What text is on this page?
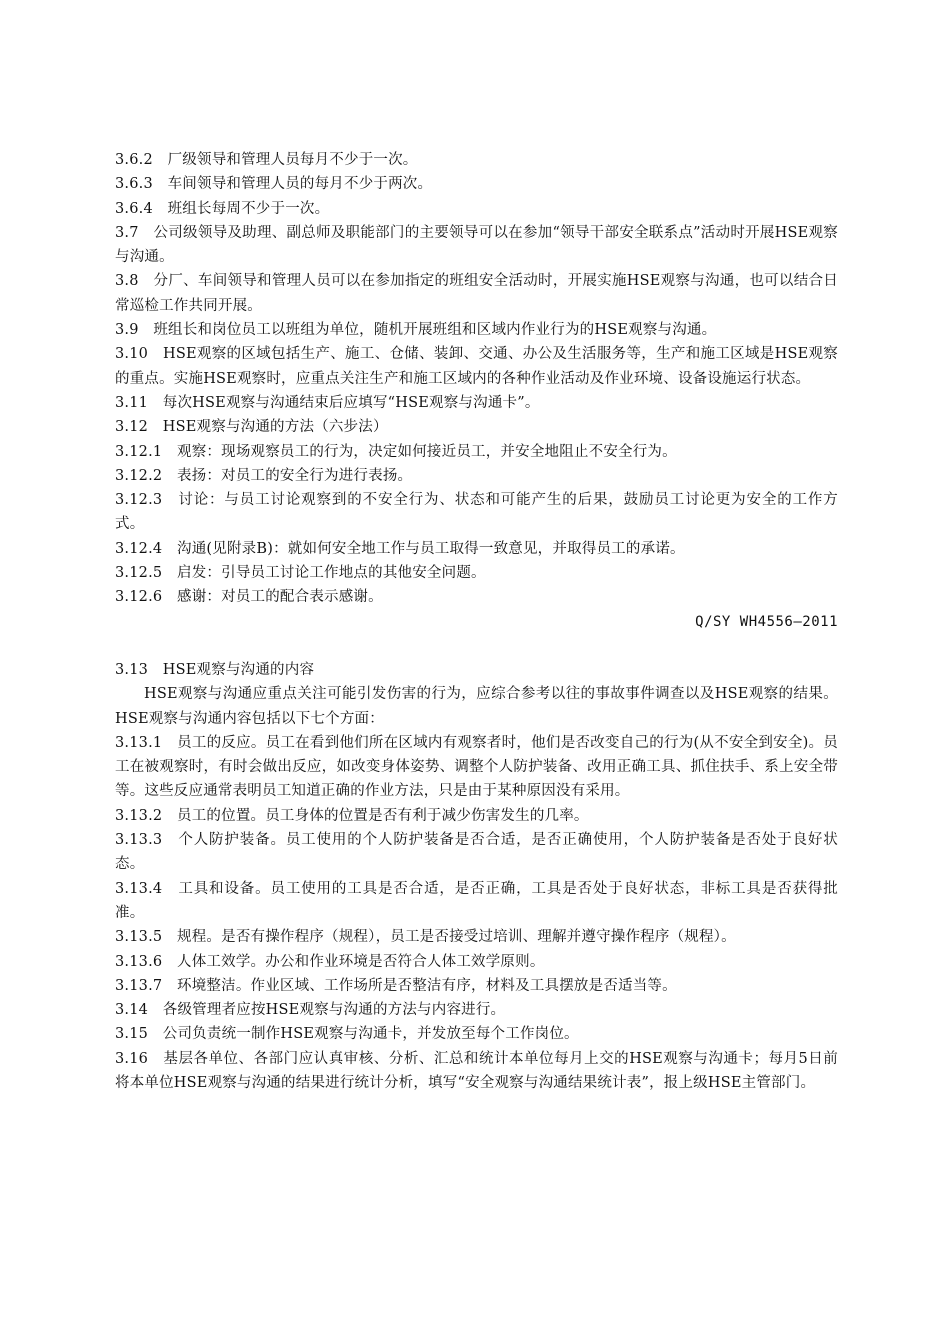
3.6.2　厂级领导和管理人员每月不少于一次。

3.6.3　车间领导和管理人员的每月不少于两次。

3.6.4　班组长每周不少于一次。

3.7　公司级领导及助理、副总师及职能部门的主要领导可以在参加“领导干部安全联系点”活动时开展HSE观察与沟通。

3.8　分厂、车间领导和管理人员可以在参加指定的班组安全活动时，开展实施HSE观察与沟通，也可以结合日常巡检工作共同开展。

3.9　班组长和岗位员工以班组为单位，随机开展班组和区域内作业行为的HSE观察与沟通。

3.10　HSE观察的区域包括生产、施工、仓储、装卸、交通、办公及生活服务等，生产和施工区域是HSE观察的重点。实施HSE观察时，应重点关注生产和施工区域内的各种作业活动及作业环境、设备设施运行状态。

3.11　每次HSE观察与沟通结束后应填写“HSE观察与沟通卡”。

3.12　HSE观察与沟通的方法（六步法）

3.12.1　观察：现场观察员工的行为，决定如何接近员工，并安全地阻止不安全行为。

3.12.2　表扬：对员工的安全行为进行表扬。

3.12.3　讨论：与员工讨论观察到的不安全行为、状态和可能产生的后果，鼓励员工讨论更为安全的工作方式。

3.12.4　沟通(见附录B)：就如何安全地工作与员工取得一致意见，并取得员工的承诺。

3.12.5　启发：引导员工讨论工作地点的其他安全问题。

3.12.6　感谢：对员工的配合表示感谢。

Q/SY WH4556—2011

3.13　HSE观察与沟通的内容

HSE观察与沟通应重点关注可能引发伤害的行为，应综合参考以往的事故事件调查以及HSE观察的结果。HSE观察与沟通内容包括以下七个方面：

3.13.1　员工的反应。员工在看到他们所在区域内有观察者时，他们是否改变自己的行为(从不安全到安全)。员工在被观察时，有时会做出反应，如改变身体姿势、调整个人防护装备、改用正确工具、抓住扶手、系上安全带等。这些反应通常表明员工知道正确的作业方法，只是由于某种原因没有采用。

3.13.2　员工的位置。员工身体的位置是否有利于减少伤害发生的几率。

3.13.3　个人防护装备。员工使用的个人防护装备是否合适，是否正确使用，个人防护装备是否处于良好状态。

3.13.4　工具和设备。员工使用的工具是否合适，是否正确，工具是否处于良好状态，非标工具是否获得批准。

3.13.5　规程。是否有操作程序（规程），员工是否接受过培训、理解并遵守操作程序（规程）。

3.13.6　人体工效学。办公和作业环境是否符合人体工效学原则。

3.13.7　环境整洁。作业区域、工作场所是否整洁有序，材料及工具摆放是否适当等。

3.14　各级管理者应按HSE观察与沟通的方法与内容进行。

3.15　公司负责统一制作HSE观察与沟通卡，并发放至每个工作岗位。

3.16　基层各单位、各部门应认真审核、分析、汇总和统计本单位每月上交的HSE观察与沟通卡；每月5日前将本单位HSE观察与沟通的结果进行统计分析，填写“安全观察与沟通结果统计表”，报上级HSE主管部门。
